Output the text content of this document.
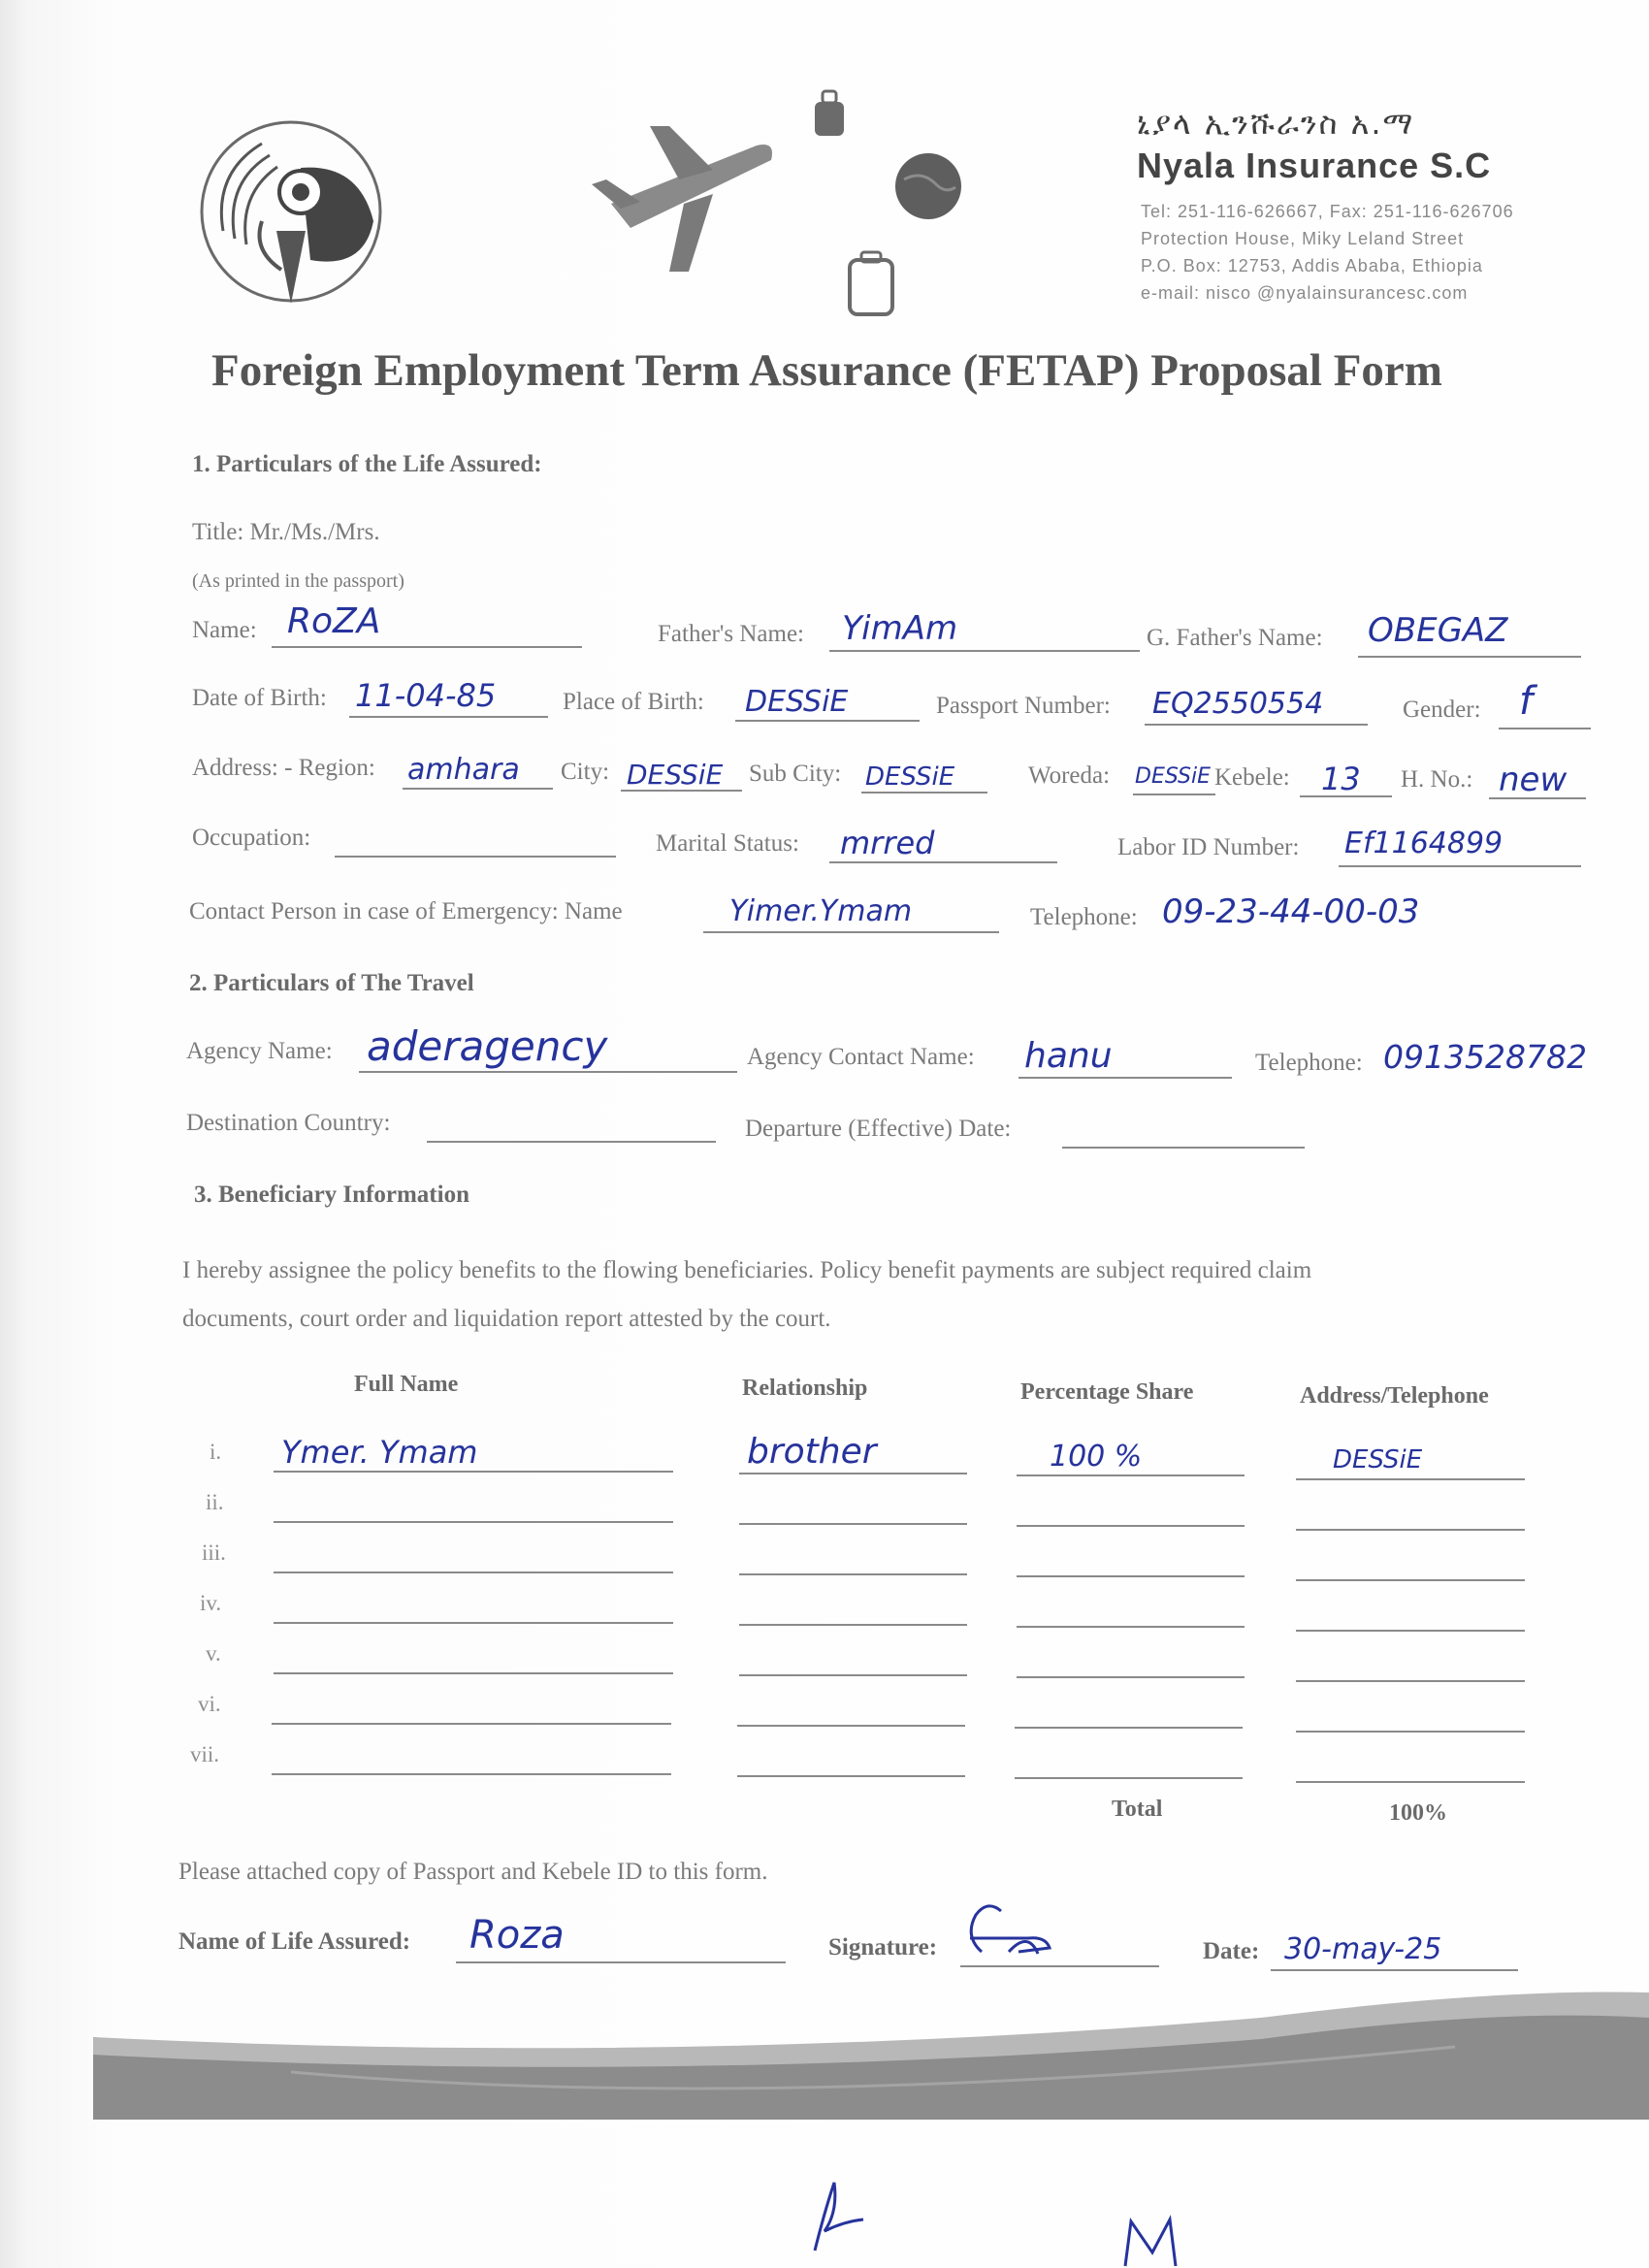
ኒያላ ኢንሹራንስ አ.ማ
Nyala Insurance S.C
Tel: 251-116-626667, Fax: 251-116-626706
Protection House, Miky Leland Street
P.O. Box: 12753, Addis Ababa, Ethiopia
e-mail: nisco @nyalainsurancesc.com
Foreign Employment Term Assurance (FETAP) Proposal Form
1. Particulars of the Life Assured:
Title: Mr./Ms./Mrs.
(As printed in the passport)
Name: RoZA	Father's Name: YimAm	G. Father's Name: OBEGAZ
Date of Birth: 11-04-85	Place of Birth: DESSiE	Passport Number: EQ2550554	Gender: f
Address: - Region: amhara City: DESSiE Sub City: DESSiE	Woreda: DESSiE Kebele: 13 H. No.: new
Occupation:	Marital Status: mrred	Labor ID Number: Ef1164899
Contact Person in case of Emergency: Name	Yimer.Ymam	Telephone: 09-23-44-00-03
2. Particulars of The Travel
Agency Name: aderagency	Agency Contact Name: hanu	Telephone: 0913528782
Destination Country:	Departure (Effective) Date:
3. Beneficiary Information
I hereby assignee the policy benefits to the flowing beneficiaries. Policy benefit payments are subject required claim
documents, court order and liquidation report attested by the court.
Full Name	Relationship	Percentage Share	Address/Telephone
i. Ymer. Ymam	brother	100 %	DESSiE
ii.
iii.
iv.
v.
vi.
vii.
Total	100%
Please attached copy of Passport and Kebele ID to this form.
Name of Life Assured: Roza	Signature:	Date: 30-may-25
